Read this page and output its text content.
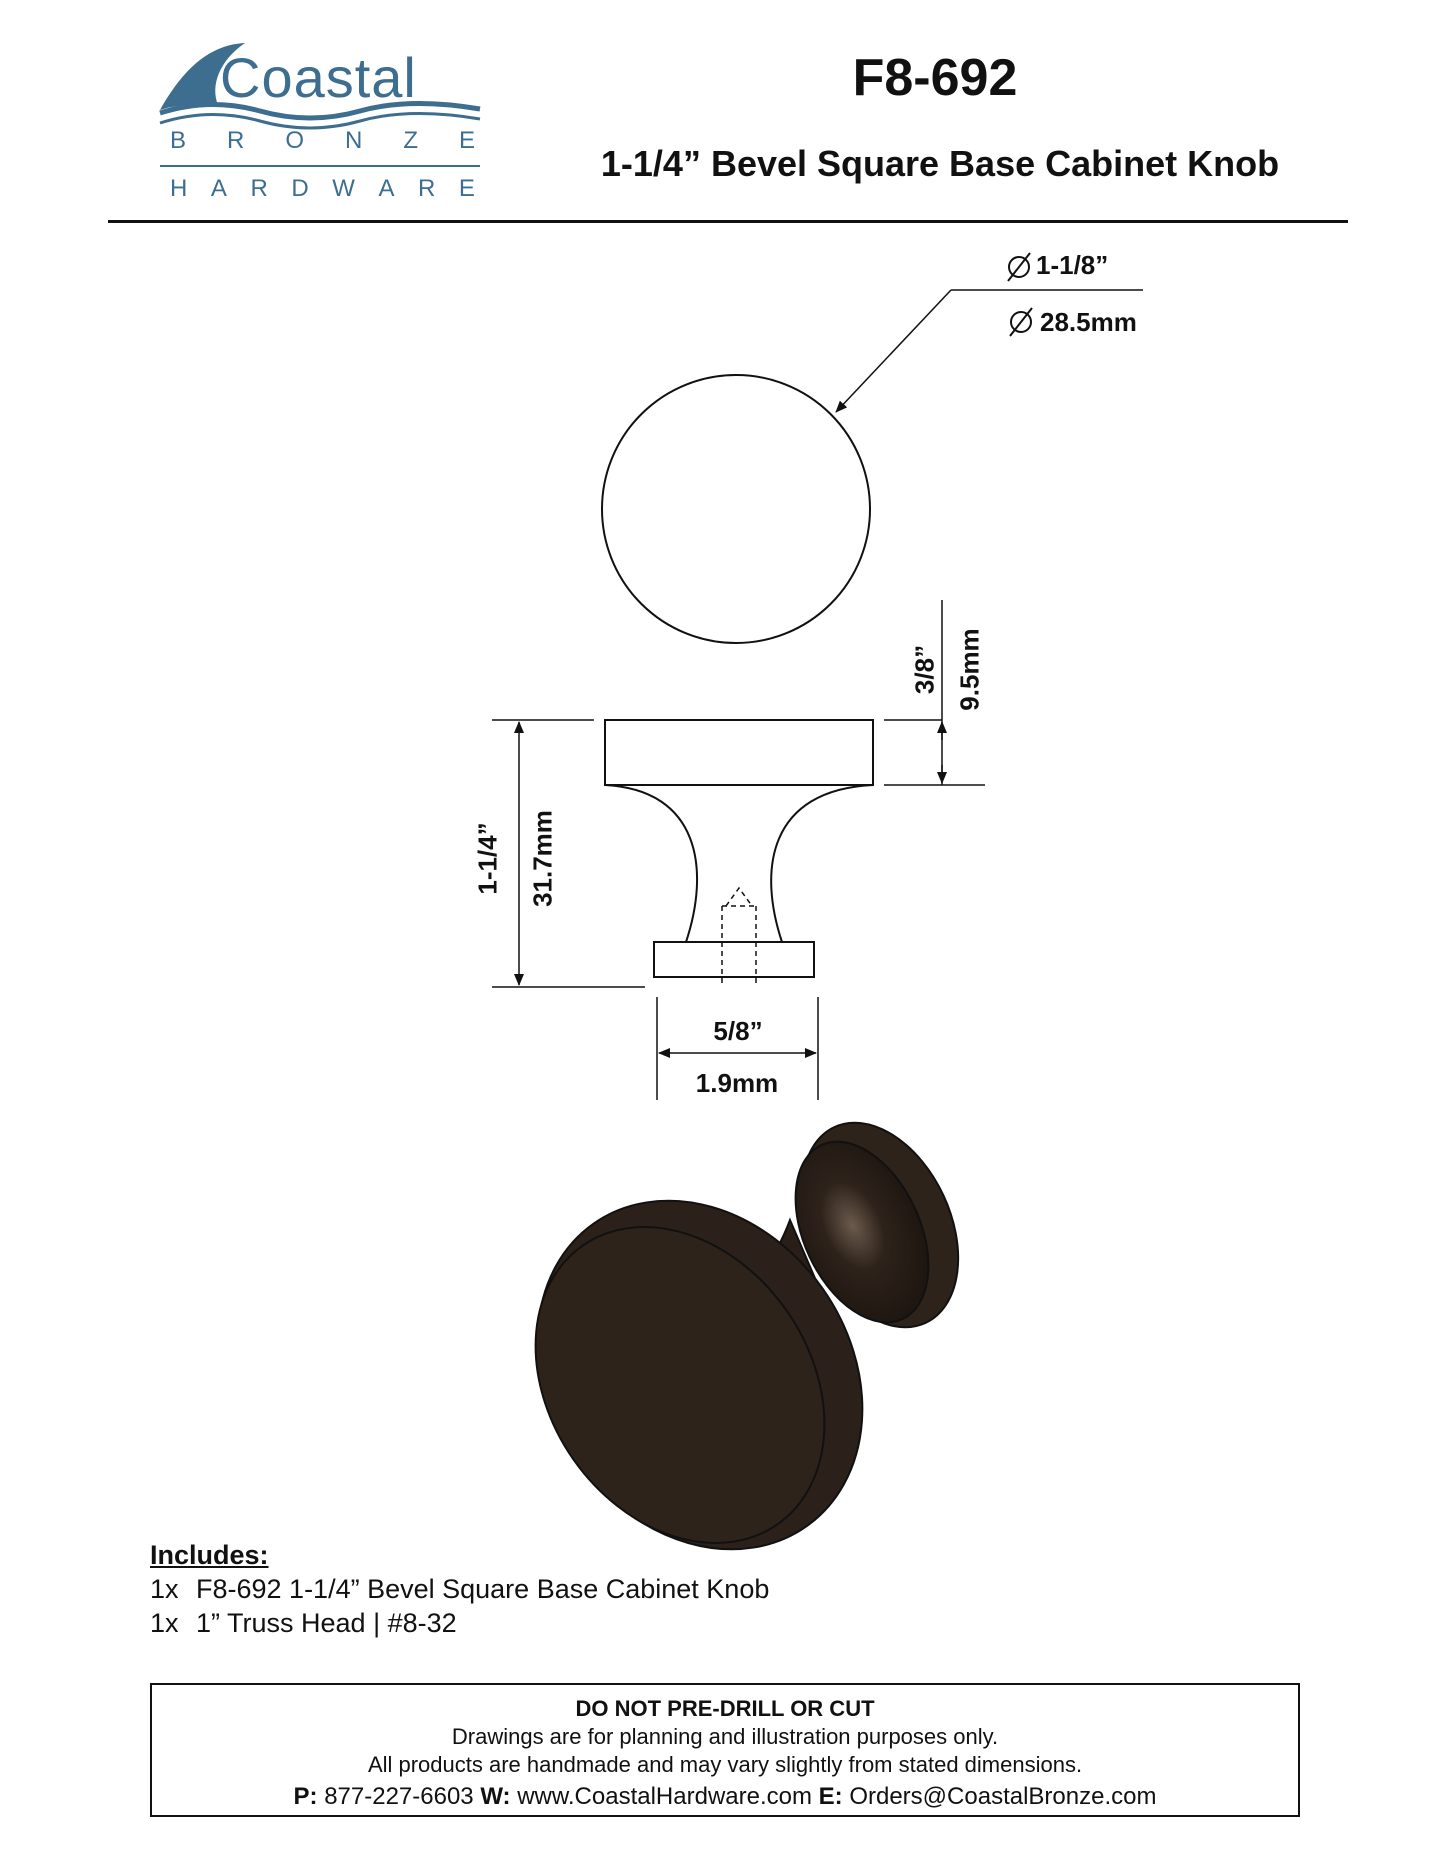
Coastal
B R O N Z E
H A R D W A R E
F8-692
1-1/4” Bevel Square Base Cabinet Knob
1-1/8”
28.5mm
3/8” 9.5mm
1-1/4” 31.7mm
5/8”
1.9mm
Includes:
1x F8-692 1-1/4” Bevel Square Base Cabinet Knob
1x 1” Truss Head | #8-32
DO NOT PRE-DRILL OR CUT
Drawings are for planning and illustration purposes only.
All products are handmade and may vary slightly from stated dimensions.
P: 877-227-6603 W: www.CoastalHardware.com E: Orders@CoastalBronze.com
